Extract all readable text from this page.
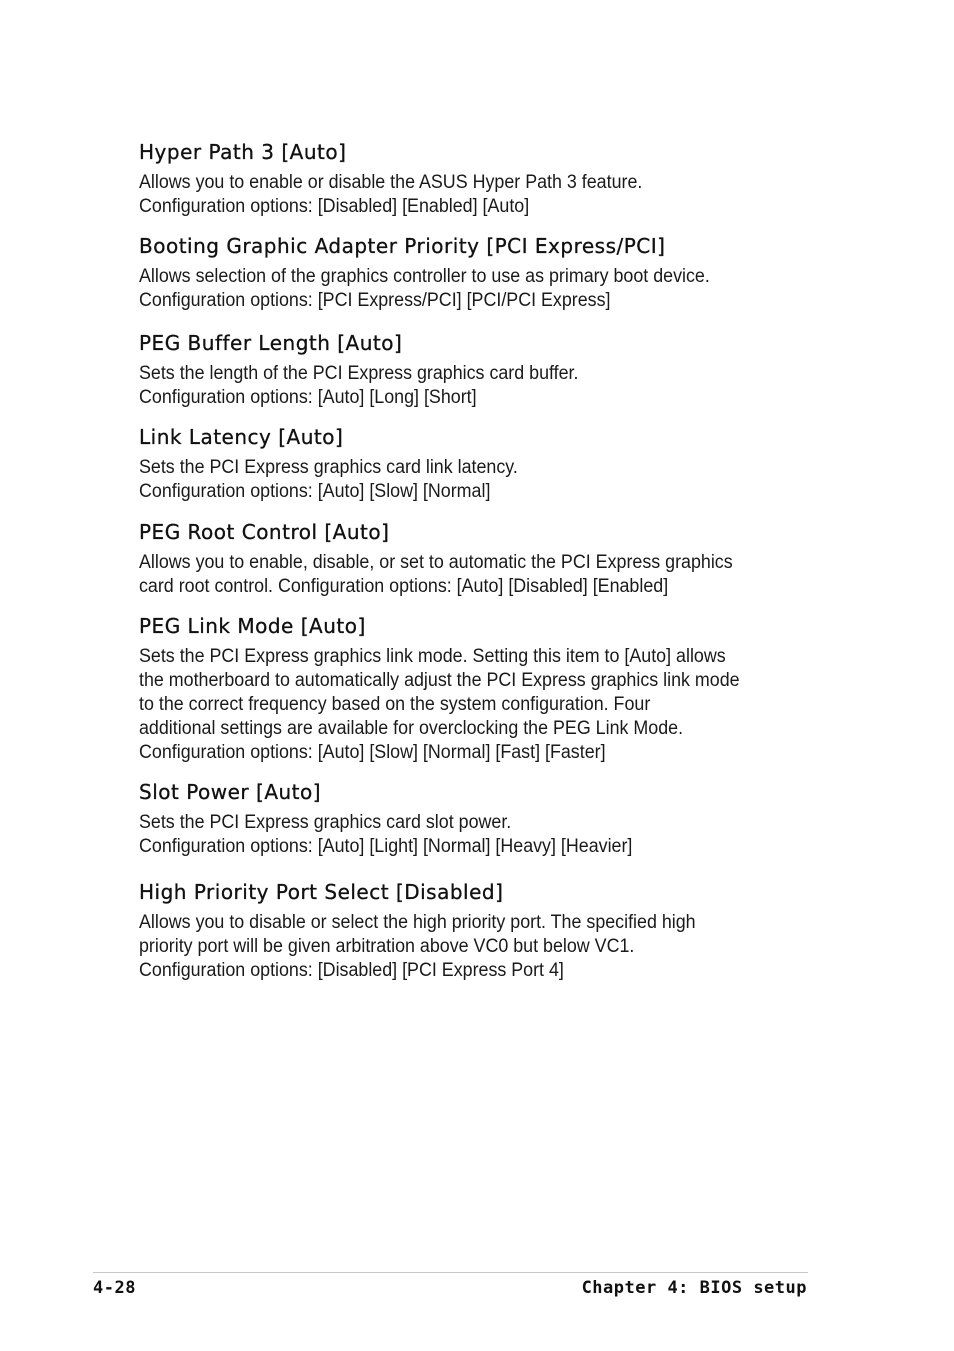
Hyper Path 3 [Auto]
Allows you to enable or disable the ASUS Hyper Path 3 feature.
Configuration options: [Disabled] [Enabled] [Auto]
Booting Graphic Adapter Priority [PCI Express/PCI]
Allows selection of the graphics controller to use as primary boot device.
Configuration options: [PCI Express/PCI] [PCI/PCI Express]
PEG Buffer Length [Auto]
Sets the length of the PCI Express graphics card buffer.
Configuration options: [Auto] [Long] [Short]
Link Latency [Auto]
Sets the PCI Express graphics card link latency.
Configuration options: [Auto] [Slow] [Normal]
PEG Root Control [Auto]
Allows you to enable, disable, or set to automatic the PCI Express graphics
card root control. Configuration options: [Auto] [Disabled] [Enabled]
PEG Link Mode [Auto]
Sets the PCI Express graphics link mode. Setting this item to [Auto] allows
the motherboard to automatically adjust the PCI Express graphics link mode
to the correct frequency based on the system configuration. Four
additional settings are available for overclocking the PEG Link Mode.
Configuration options: [Auto] [Slow] [Normal] [Fast] [Faster]
Slot Power [Auto]
Sets the PCI Express graphics card slot power.
Configuration options: [Auto] [Light] [Normal] [Heavy] [Heavier]
High Priority Port Select [Disabled]
Allows you to disable or select the high priority port. The specified high
priority port will be given arbitration above VC0 but below VC1.
Configuration options: [Disabled] [PCI Express Port 4]
4-28	Chapter 4: BIOS setup
